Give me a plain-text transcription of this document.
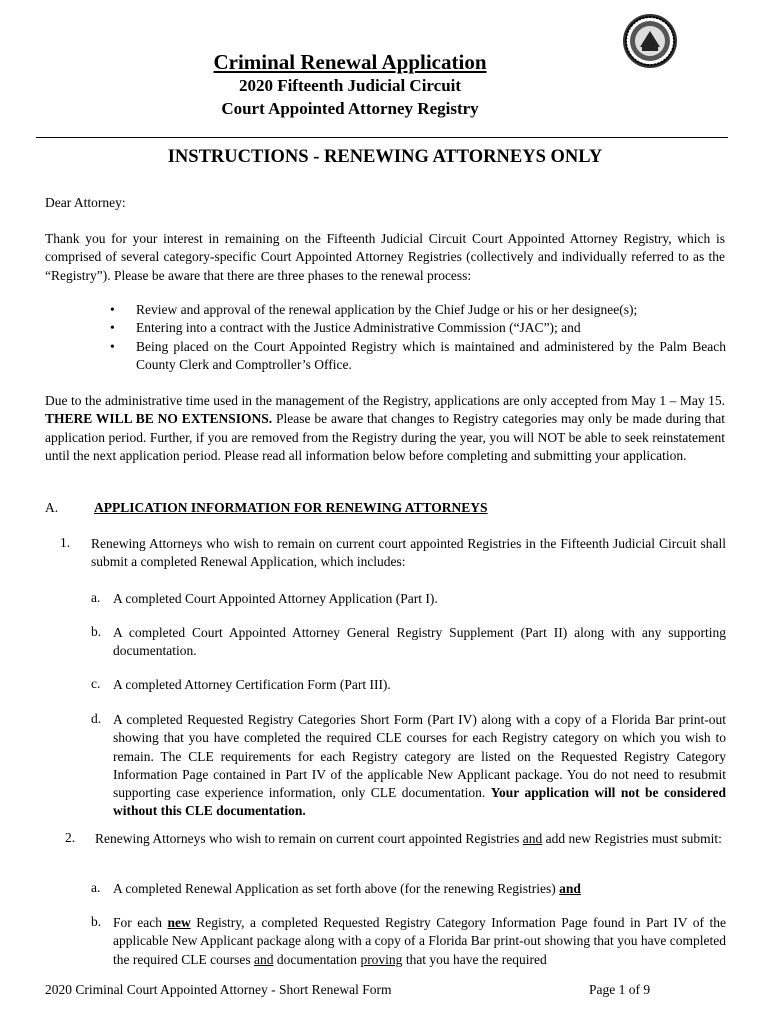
Criminal Renewal Application
2020 Fifteenth Judicial Circuit
Court Appointed Attorney Registry
INSTRUCTIONS - RENEWING ATTORNEYS ONLY
Dear Attorney:
Thank you for your interest in remaining on the Fifteenth Judicial Circuit Court Appointed Attorney Registry, which is comprised of several category-specific Court Appointed Attorney Registries (collectively and individually referred to as the “Registry”). Please be aware that there are three phases to the renewal process:
• Review and approval of the renewal application by the Chief Judge or his or her designee(s);
• Entering into a contract with the Justice Administrative Commission (“JAC”); and
• Being placed on the Court Appointed Registry which is maintained and administered by the Palm Beach County Clerk and Comptroller’s Office.
Due to the administrative time used in the management of the Registry, applications are only accepted from May 1 – May 15. THERE WILL BE NO EXTENSIONS. Please be aware that changes to Registry categories may only be made during that application period. Further, if you are removed from the Registry during the year, you will NOT be able to seek reinstatement until the next application period. Please read all information below before completing and submitting your application.
A.	APPLICATION INFORMATION FOR RENEWING ATTORNEYS
1. Renewing Attorneys who wish to remain on current court appointed Registries in the Fifteenth Judicial Circuit shall submit a completed Renewal Application, which includes:
a. A completed Court Appointed Attorney Application (Part I).
b. A completed Court Appointed Attorney General Registry Supplement (Part II) along with any supporting documentation.
c. A completed Attorney Certification Form (Part III).
d. A completed Requested Registry Categories Short Form (Part IV) along with a copy of a Florida Bar print-out showing that you have completed the required CLE courses for each Registry category on which you wish to remain. The CLE requirements for each Registry category are listed on the Requested Registry Category Information Page contained in Part IV of the applicable New Applicant package. You do not need to resubmit supporting case experience information, only CLE documentation. Your application will not be considered without this CLE documentation.
2. Renewing Attorneys who wish to remain on current court appointed Registries and add new Registries must submit:
a. A completed Renewal Application as set forth above (for the renewing Registries) and
b. For each new Registry, a completed Requested Registry Category Information Page found in Part IV of the applicable New Applicant package along with a copy of a Florida Bar print-out showing that you have completed the required CLE courses and documentation proving that you have the required
2020 Criminal Court Appointed Attorney - Short Renewal Form	Page 1 of 9
